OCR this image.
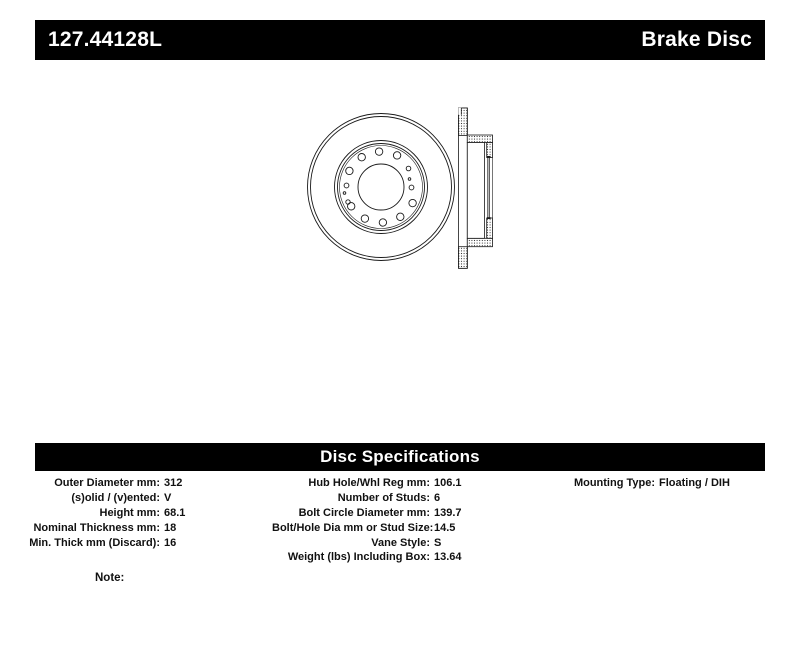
127.44128L	Brake Disc
Disc Specifications
Outer Diameter mm: 312
(s)olid / (v)ented: V
Height mm: 68.1
Nominal Thickness mm: 18
Min. Thick mm (Discard): 16
Hub Hole/Whl Reg mm: 106.1
Number of Studs: 6
Bolt Circle Diameter mm: 139.7
Bolt/Hole Dia mm or Stud Size: 14.5
Vane Style: S
Weight (lbs) Including Box: 13.64
Mounting Type: Floating / DIH
Note:
